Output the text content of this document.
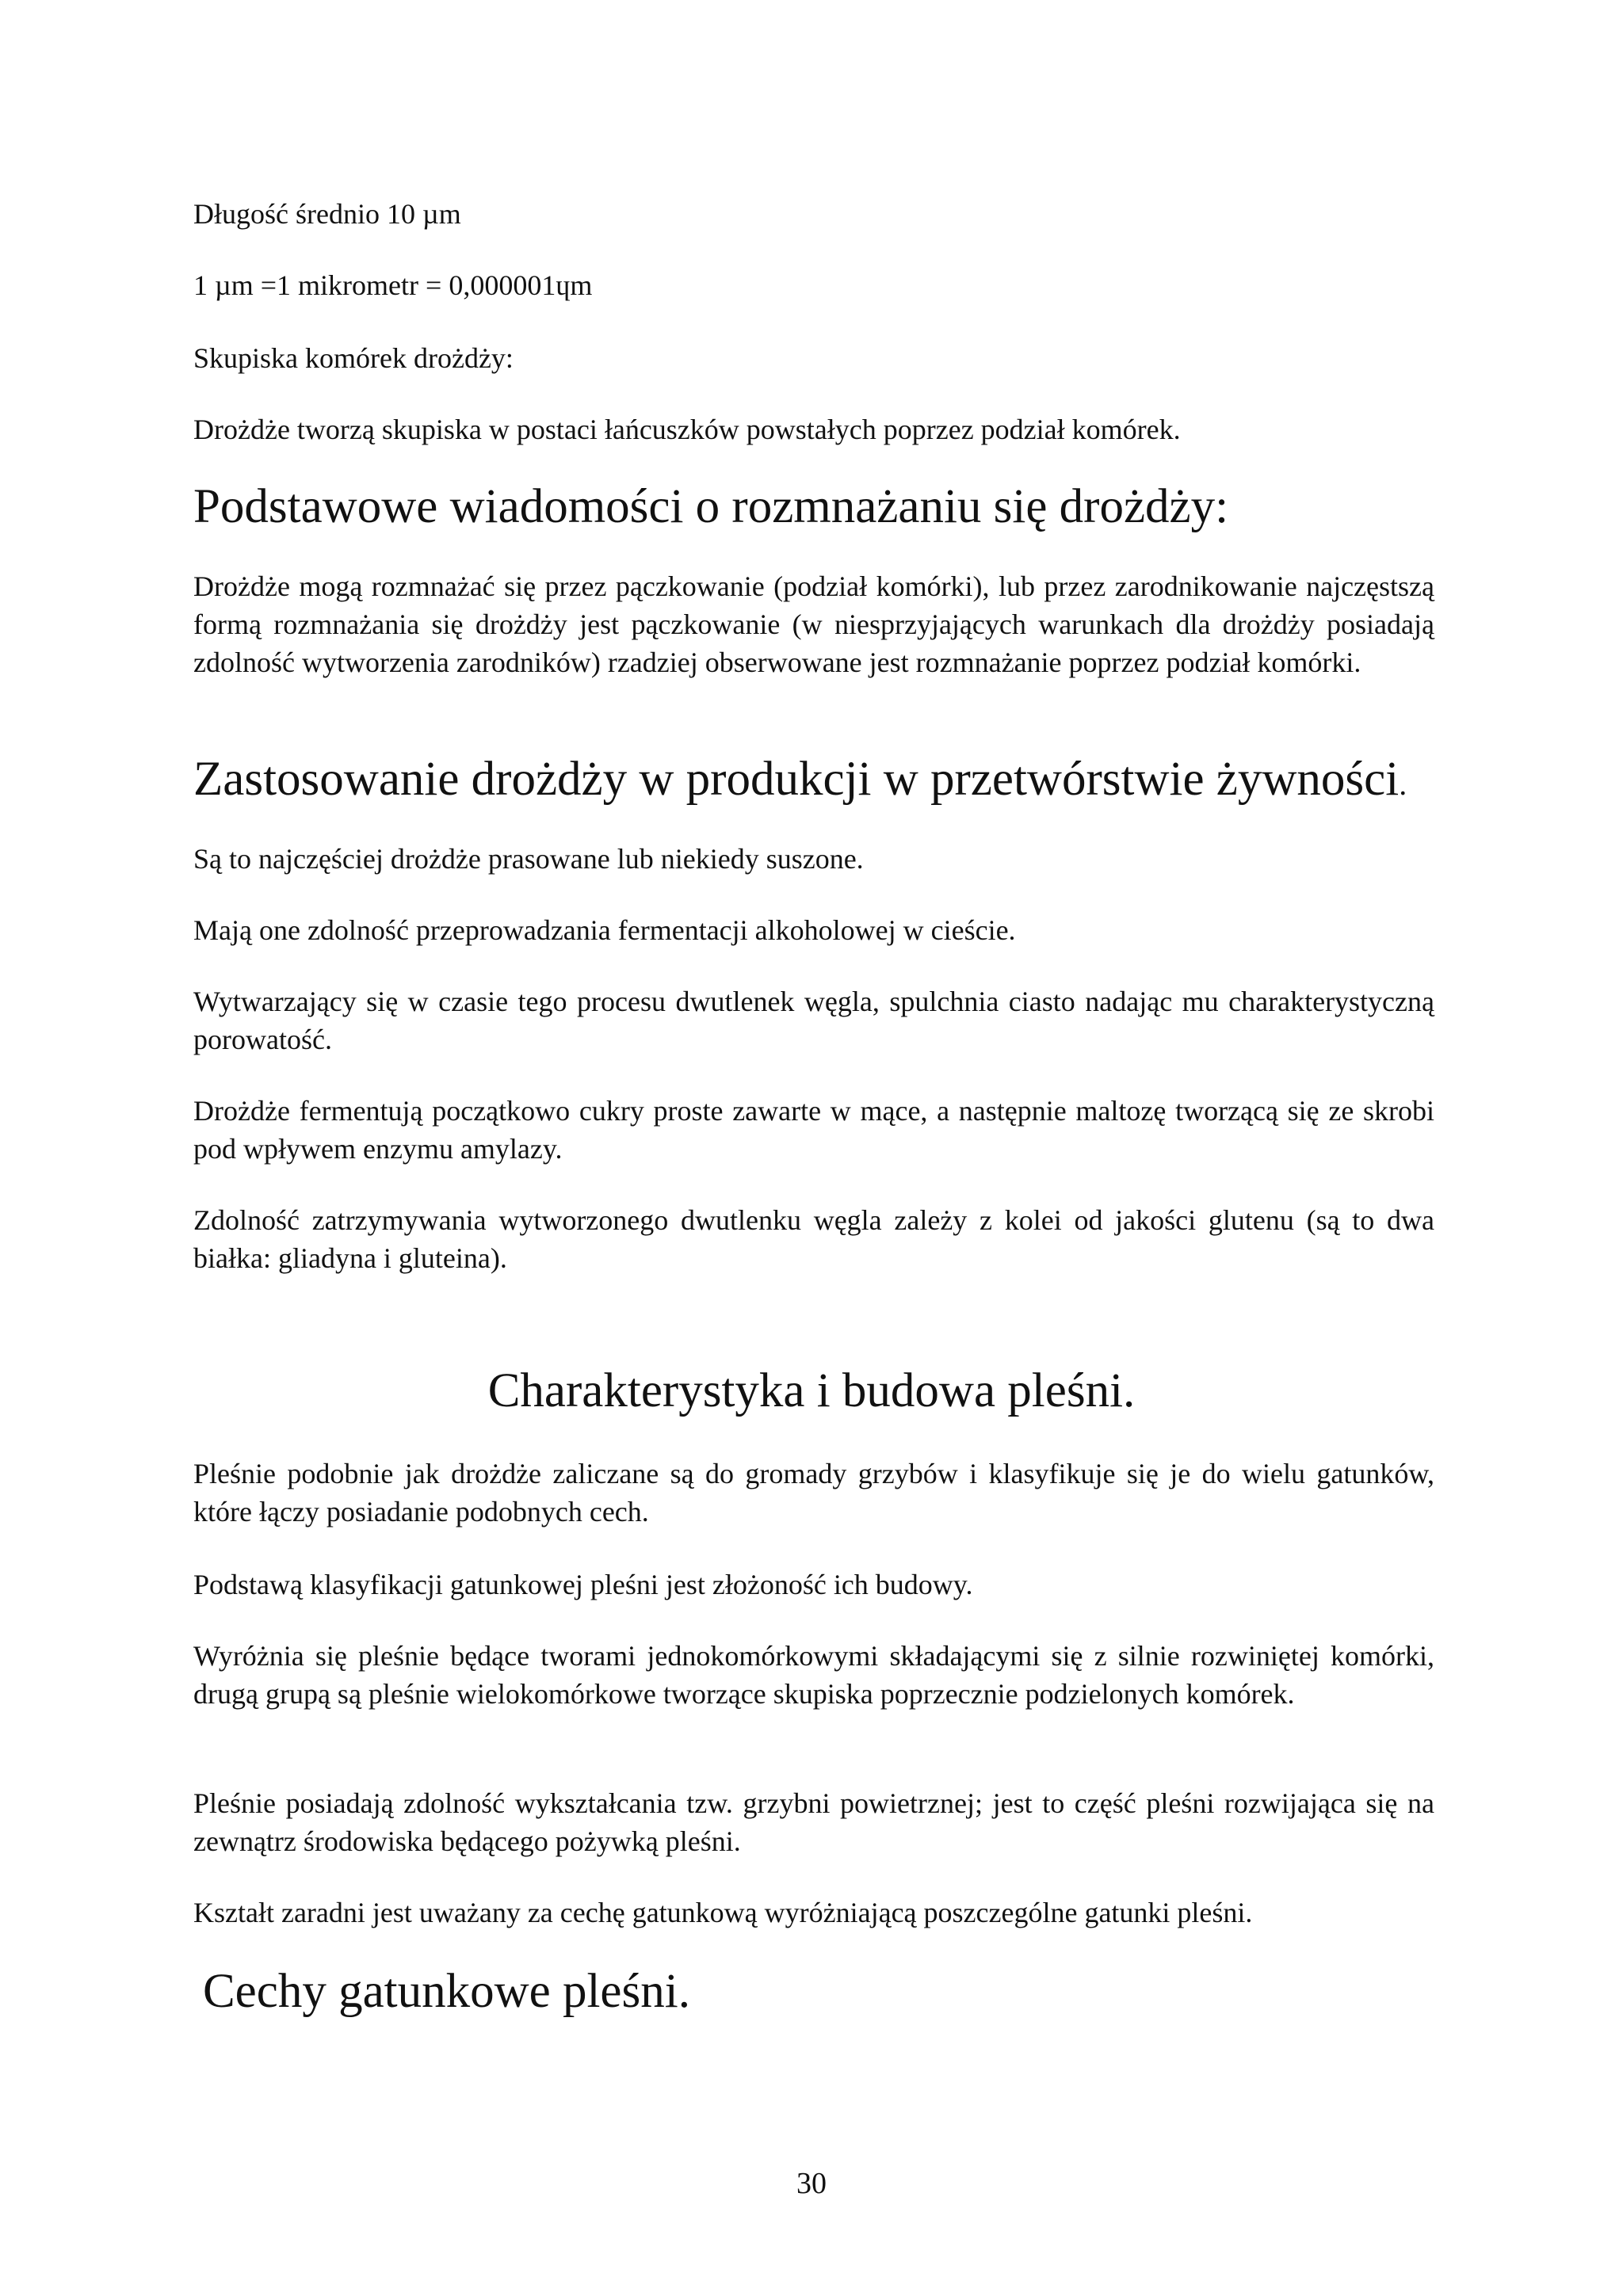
Długość średnio 10 µm

1 µm =1 mikrometr = 0,000001ɥm

Skupiska komórek drożdży:

Drożdże tworzą skupiska w postaci łańcuszków powstałych poprzez podział komórek.

Podstawowe wiadomości o rozmnażaniu się drożdży:

Drożdże mogą rozmnażać się przez pączkowanie (podział komórki), lub przez zarodnikowanie najczęstszą formą rozmnażania się drożdży jest pączkowanie (w niesprzyjających warunkach dla drożdży posiadają zdolność wytworzenia zarodników) rzadziej obserwowane jest rozmnażanie poprzez podział komórki.

Zastosowanie drożdży w produkcji w przetwórstwie żywności.

Są to najczęściej drożdże prasowane lub niekiedy suszone.

Mają one zdolność przeprowadzania fermentacji alkoholowej w cieście.

Wytwarzający się w czasie tego procesu dwutlenek węgla, spulchnia ciasto nadając mu charakterystyczną porowatość.

Drożdże fermentują początkowo cukry proste zawarte w mące, a następnie maltozę tworzącą się ze skrobi pod wpływem enzymu amylazy.

Zdolność zatrzymywania wytworzonego dwutlenku węgla zależy z kolei od jakości glutenu (są to dwa białka: gliadyna i gluteina).

Charakterystyka i budowa pleśni.

Pleśnie podobnie jak drożdże zaliczane są do gromady grzybów i klasyfikuje się je do wielu gatunków, które łączy posiadanie podobnych cech.

Podstawą klasyfikacji gatunkowej pleśni jest złożoność ich budowy.

Wyróżnia się pleśnie będące tworami jednokomórkowymi składającymi się z silnie rozwiniętej komórki, drugą grupą są pleśnie wielokomórkowe tworzące skupiska poprzecznie podzielonych komórek.

Pleśnie posiadają zdolność wykształcania tzw. grzybni powietrznej; jest to część pleśni rozwijająca się na zewnątrz środowiska będącego pożywką pleśni.

Kształt zaradni jest uważany za cechę gatunkową wyróżniającą poszczególne gatunki pleśni.

Cechy gatunkowe pleśni.
30
